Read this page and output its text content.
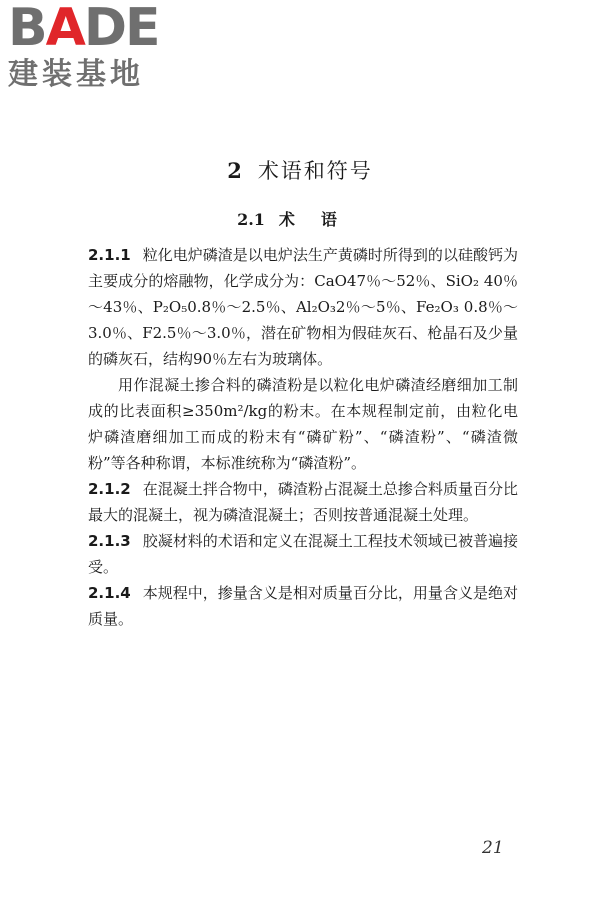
BADE
建装基地
2 术语和符号
2.1 术语

2.1.1 粒化电炉磷渣是以电炉法生产黄磷时所得到的以硅酸钙为主要成分的熔融物，化学成分为：CaO47％～52％、SiO₂ 40％～43％、P₂O₅0.8％～2.5％、Al₂O₃2％～5％、Fe₂O₃ 0.8％～3.0％、F2.5％～3.0％，潜在矿物相为假硅灰石、枪晶石及少量的磷灰石，结构90％左右为玻璃体。

用作混凝土掺合料的磷渣粉是以粒化电炉磷渣经磨细加工制成的比表面积≥350m²/kg的粉末。在本规程制定前，由粒化电炉磷渣磨细加工而成的粉末有“磷矿粉”、“磷渣粉”、“磷渣微粉”等各种称谓，本标准统称为“磷渣粉”。

2.1.2 在混凝土拌合物中，磷渣粉占混凝土总掺合料质量百分比最大的混凝土，视为磷渣混凝土；否则按普通混凝土处理。

2.1.3 胶凝材料的术语和定义在混凝土工程技术领域已被普遍接受。

2.1.4 本规程中，掺量含义是相对质量百分比，用量含义是绝对质量。

21
